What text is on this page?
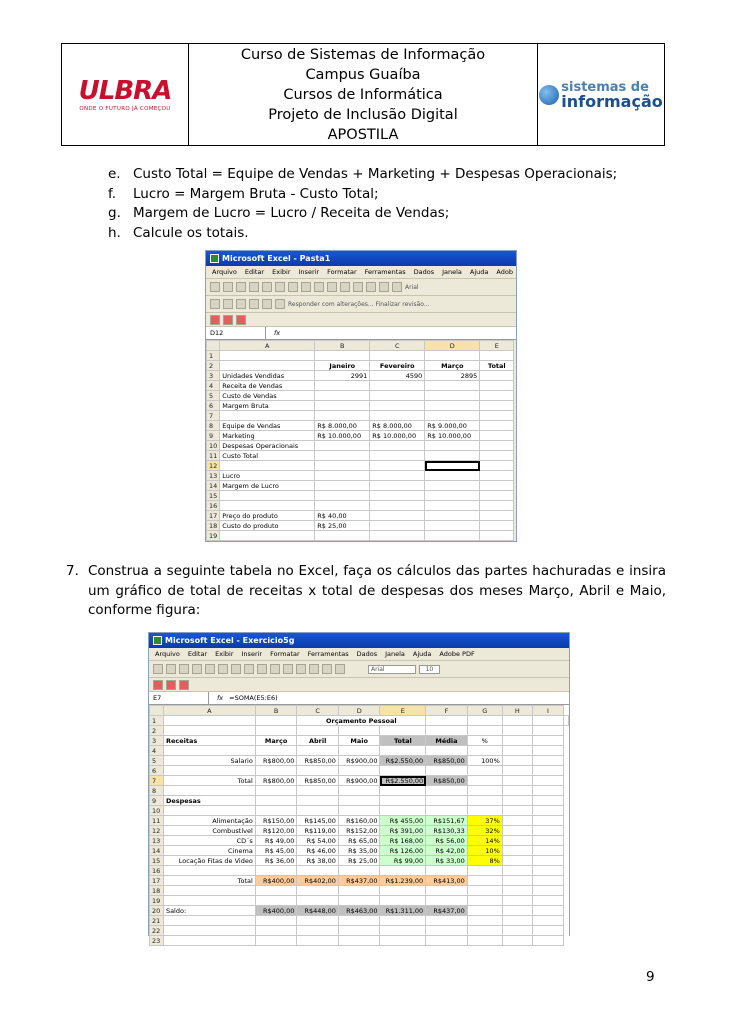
ULBRA
ONDE O FUTURO JÁ COMEÇOU
Curso de Sistemas de Informação
Campus Guaíba
Cursos de Informática
Projeto de Inclusão Digital
APOSTILA
sistemas de
informação
e. Custo Total = Equipe de Vendas + Marketing + Despesas Operacionais;
f.	Lucro = Margem Bruta - Custo Total;
g. Margem de Lucro = Lucro / Receita de Vendas;
h. Calcule os totais.
Microsoft Excel - Pasta1
Arquivo Editar Exibir Inserir Formatar Ferramentas Dados Janela Ajuda Adob
Arial
Responder com alterações... Finalizar revisão...
D12	fx
	A	B	C	D	E
1					
2		Janeiro	Fevereiro	Março	Total
3	Unidades Vendidas	2991	4590	2895	
4	Receita de Vendas				
5	Custo de Vendas				
6	Margem Bruta				
7					
8	Equipe de Vendas	R$ 8.000,00	R$ 8.000,00	R$ 9.000,00	
9	Marketing	R$ 10.000,00	R$ 10.000,00	R$ 10.000,00	
10	Despesas Operacionais				
11	Custo Total				
12					
13	Lucro				
14	Margem de Lucro				
15					
16					
17	Preço do produto	R$ 40,00			
18	Custo do produto	R$ 25,00			
19					
7. Construa a seguinte tabela no Excel, faça os cálculos das partes hachuradas e insira um gráfico de total de receitas x total de despesas dos meses Março, Abril e Maio, conforme figura:
Microsoft Excel - Exercicio5g
Arquivo Editar Exibir Inserir Formatar Ferramentas Dados Janela Ajuda Adobe PDF
Arial	10
E7	fx =SOMA(E5:E6)
	A	B	C	D	E	F	G	H	I	
1			Orçamento Pessoal							
2										
3	Receitas	Março	Abril	Maio	Total	Média	%			
4										
5	Salario	R$800,00	R$850,00	R$900,00	R$2.550,00	R$850,00	100%			
6										
7	Total	R$800,00	R$850,00	R$900,00	R$2.550,00	R$850,00				
8										
9	Despesas									
10										
11	Alimentação	R$150,00	R$145,00	R$160,00	R$ 455,00	R$151,67	37%			
12	Combustível	R$120,00	R$119,00	R$152,00	R$ 391,00	R$130,33	32%			
13	CD´s	R$ 49,00	R$ 54,00	R$ 65,00	R$ 168,00	R$ 56,00	14%			
14	Cinema	R$ 45,00	R$ 46,00	R$ 35,00	R$ 126,00	R$ 42,00	10%			
15	Locação Fitas de Video	R$ 36,00	R$ 38,00	R$ 25,00	R$ 99,00	R$ 33,00	8%			
16										
17	Total	R$400,00	R$402,00	R$437,00	R$1.239,00	R$413,00				
18										
19										
20	Saldo:	R$400,00	R$448,00	R$463,00	R$1.311,00	R$437,00				
21										
22										
23										
9
